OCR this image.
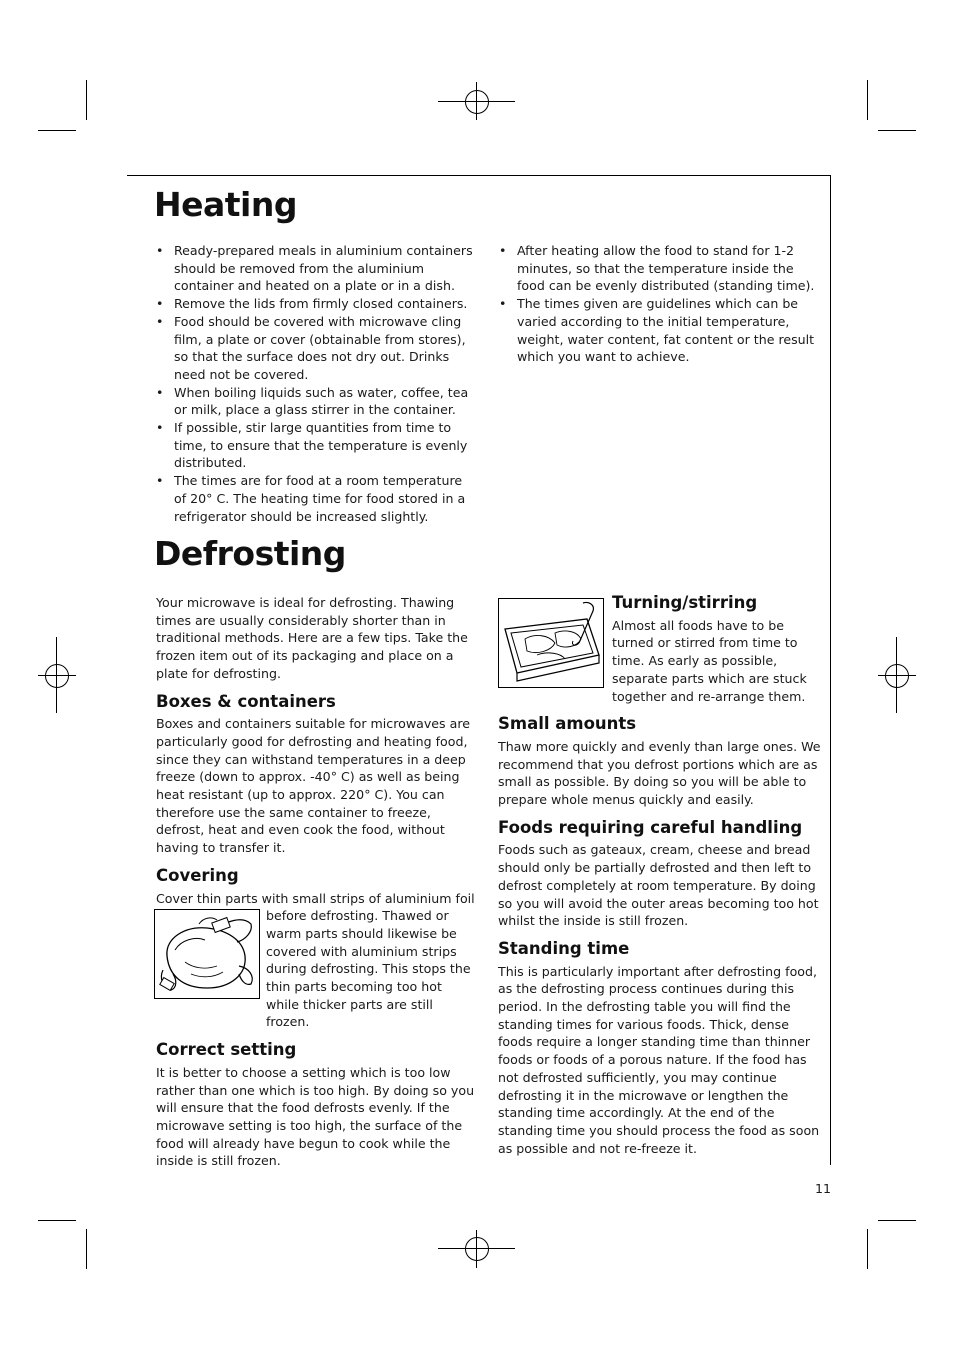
Heating
• Ready-prepared meals in aluminium containers should be removed from the aluminium container and heated on a plate or in a dish.
• Remove the lids from firmly closed containers.
• Food should be covered with microwave cling film, a plate or cover (obtainable from stores), so that the surface does not dry out. Drinks need not be covered.
• When boiling liquids such as water, coffee, tea or milk, place a glass stirrer in the container.
• If possible, stir large quantities from time to time, to ensure that the temperature is evenly distributed.
• The times are for food at a room temperature of 20° C. The heating time for food stored in a refrigerator should be increased slightly.
• After heating allow the food to stand for 1-2 minutes, so that the temperature inside the food can be evenly distributed (standing time).
• The times given are guidelines which can be varied according to the initial temperature, weight, water content, fat content or the result which you want to achieve.
Defrosting

Your microwave is ideal for defrosting. Thawing times are usually considerably shorter than in traditional methods. Here are a few tips. Take the frozen item out of its packaging and place on a plate for defrosting.

Boxes & containers

Boxes and containers suitable for microwaves are particularly good for defrosting and heating food, since they can withstand temperatures in a deep freeze (down to approx. -40° C) as well as being heat resistant (up to approx. 220° C). You can therefore use the same container to freeze, defrost, heat and even cook the food, without having to transfer it.

Covering

Cover thin parts with small strips of aluminium foil

before defrosting. Thawed or warm parts should likewise be covered with aluminium strips during defrosting. This stops the thin parts becoming too hot while thicker parts are still frozen.

Correct setting

It is better to choose a setting which is too low rather than one which is too high. By doing so you will ensure that the food defrosts evenly. If the microwave setting is too high, the surface of the food will already have begun to cook while the inside is still frozen.

Turning/stirring

Almost all foods have to be turned or stirred from time to time. As early as possible, separate parts which are stuck together and re-arrange them.

Small amounts

Thaw more quickly and evenly than large ones. We recommend that you defrost portions which are as small as possible. By doing so you will be able to prepare whole menus quickly and easily.

Foods requiring careful handling

Foods such as gateaux, cream, cheese and bread should only be partially defrosted and then left to defrost completely at room temperature. By doing so you will avoid the outer areas becoming too hot whilst the inside is still frozen.

Standing time

This is particularly important after defrosting food, as the defrosting process continues during this period. In the defrosting table you will find the standing times for various foods. Thick, dense foods require a longer standing time than thinner foods or foods of a porous nature. If the food has not defrosted sufficiently, you may continue defrosting it in the microwave or lengthen the standing time accordingly. At the end of the standing time you should process the food as soon as possible and not re-freeze it.

11
